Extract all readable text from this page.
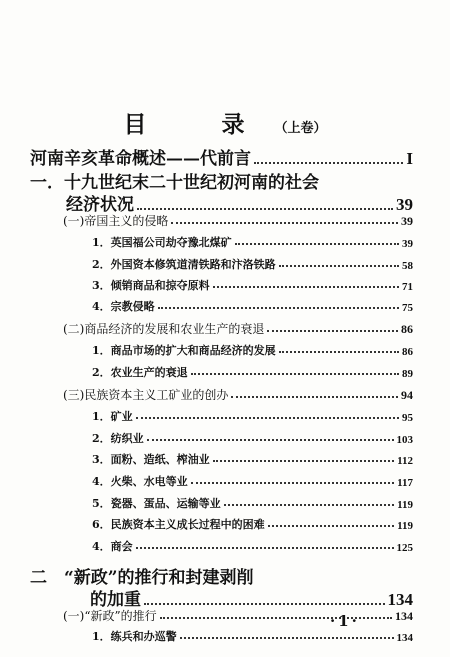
目　录 （上卷）
河南辛亥革命概述——代前言	I
一．十九世纪末二十世纪初河南的社会
经济状况	39
(一)帝国主义的侵略	39
1．英国福公司劫夺豫北煤矿	39
2．外国资本修筑道清铁路和汴洛铁路	58
3．倾销商品和掠夺原料	71
4．宗教侵略	75
(二)商品经济的发展和农业生产的衰退	86
1．商品市场的扩大和商品经济的发展	86
2．农业生产的衰退	89
(三)民族资本主义工矿业的创办	94
1．矿业	95
2．纺织业	103
3．面粉、造纸、榨油业	112
4．火柴、水电等业	117
5．瓷器、蛋品、运输等业	119
6．民族资本主义成长过程中的困难	119
4．商会	125
二　“新政”的推行和封建剥削
的加重	134
(一)“新政”的推行	134
1．练兵和办巡警	134
·1·
